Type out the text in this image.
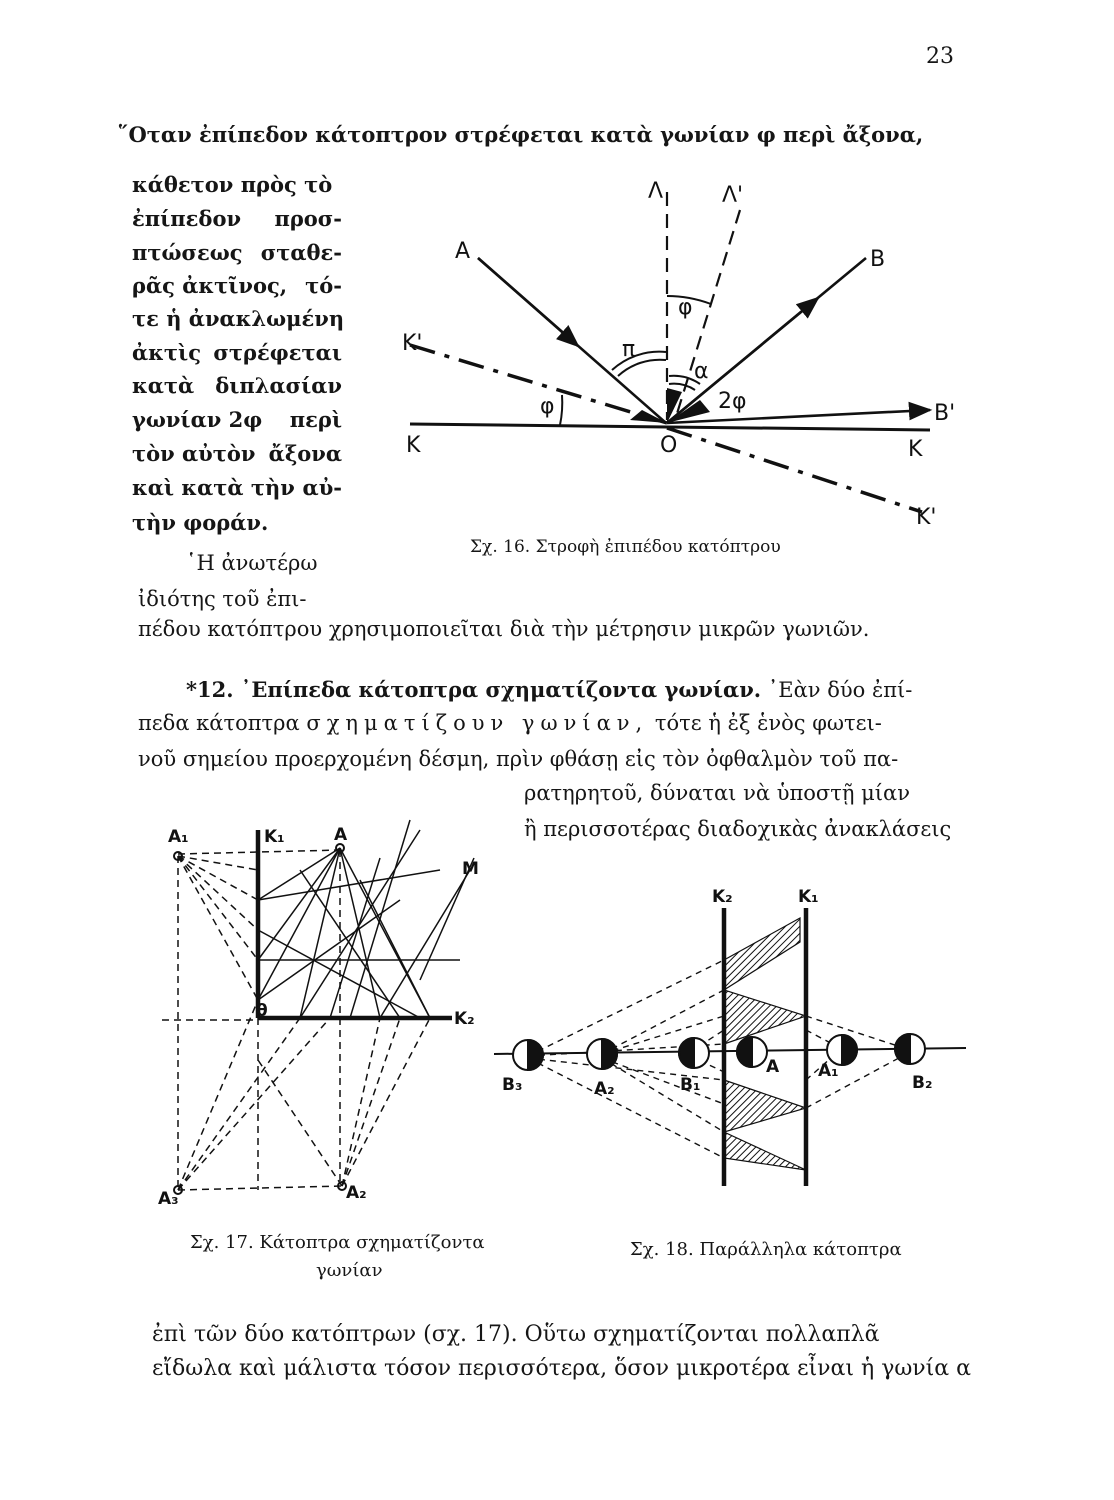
23
῞Οταν ἐπίπεδον κάτοπτρον στρέφεται κατὰ γωνίαν φ περὶ ἄξονα,
κάθετον πρὸς τὸ
ἐπίπεδον προσ-
πτώσεως σταθε-
ρᾶς ἀκτῖνος, τό-
τε ἡ ἀνακλωμένη
ἀκτὶς στρέφεται
κατὰ διπλασίαν
γωνίαν 2φ περὶ
τὸν αὐτὸν ἄξονα
καὶ κατὰ τὴν αὐ-
τὴν φοράν.
Λ	Λ'
A	B
K'
K	O	K
B'
K'
φ
π
α
2φ
φ
Σχ. 16. Στροφὴ ἐπιπέδου κατόπτρου
῾Η ἀνωτέρω
ἰδιότης τοῦ ἐπι-
πέδου κατόπτρου χρησιμοποιεῖται διὰ τὴν μέτρησιν μικρῶν γωνιῶν.
*12. ᾽Επίπεδα κάτοπτρα σχηματίζοντα γωνίαν. ᾽Εὰν δύο ἐπί-
πεδα κάτοπτρα σχηματίζουν γωνίαν, τότε ἡ ἐξ ἑνὸς φωτει-
νοῦ σημείου προερχομένη δέσμη, πρὶν φθάσῃ εἰς τὸν ὀφθαλμὸν τοῦ πα-
ρατηρητοῦ, δύναται νὰ ὑποστῇ μίαν
ἢ περισσοτέρας διαδοχικὰς ἀνακλάσεις
A₁	K₁	A
M
θ	K₂
A₃	A₂
Σχ. 17. Κάτοπτρα σχηματίζοντα
γωνίαν
K₂	K₁
B₃	A₂	B₁
A A₁
B₂
Σχ. 18. Παράλληλα κάτοπτρα
ἐπὶ τῶν δύο κατόπτρων (σχ. 17). Οὕτω σχηματίζονται πολλαπλᾶ
εἴδωλα καὶ μάλιστα τόσον περισσότερα, ὅσον μικροτέρα εἶναι ἡ γωνία α
